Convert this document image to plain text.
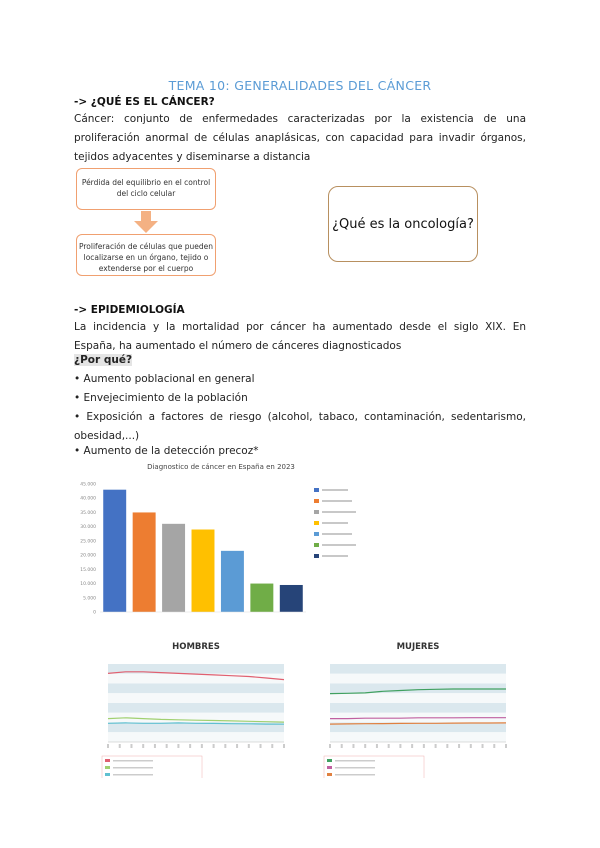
TEMA 10: GENERALIDADES DEL CÁNCER
-> ¿QUÉ ES EL CÁNCER?
Cáncer: conjunto de enfermedades caracterizadas por la existencia de una proliferación anormal de células anaplásicas, con capacidad para invadir órganos, tejidos adyacentes y diseminarse a distancia
Pérdida del equilibrio en el control del ciclo celular
Proliferación de células que pueden localizarse en un órgano, tejido o extenderse por el cuerpo
¿Qué es la oncología?
-> EPIDEMIOLOGÍA
La incidencia y la mortalidad por cáncer ha aumentado desde el siglo XIX. En España, ha aumentado el número de cánceres diagnosticados
¿Por qué?
• Aumento poblacional en general
• Envejecimiento de la población
• Exposición a factores de riesgo (alcohol, tabaco, contaminación, sedentarismo, obesidad,...)
• Aumento de la detección precoz*
Diagnostico de cáncer en España en 2023
0
5.000
10.000
15.000
20.000
25.000
30.000
35.000
40.000
45.000
HOMBRES	MUJERES
